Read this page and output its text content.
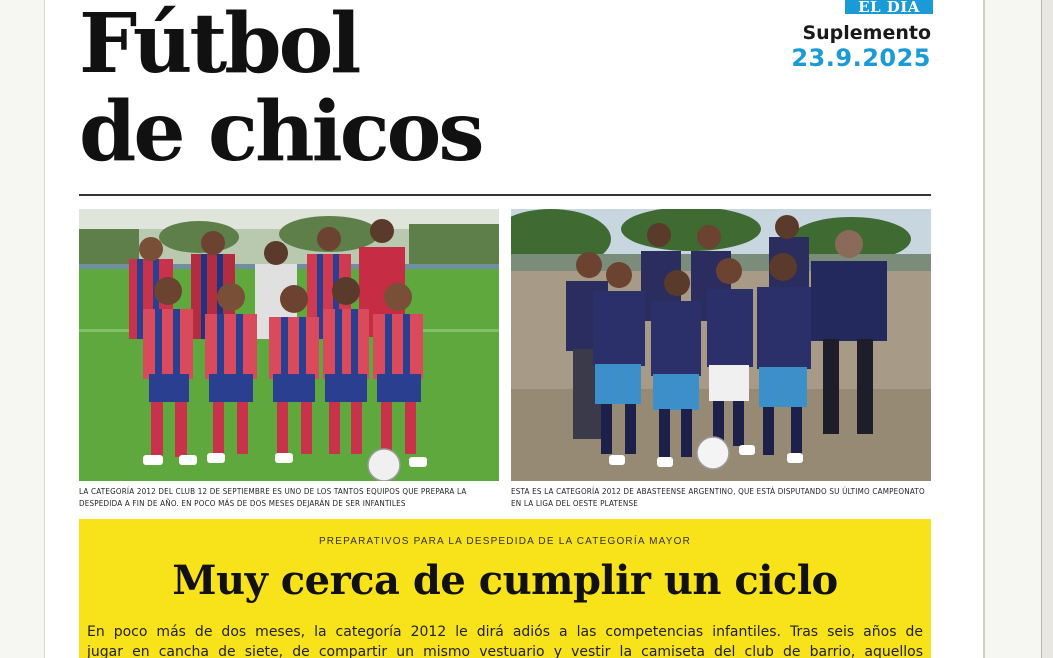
EL DIA
Suplemento
23.9.2025
Fútbol
de chicos
LA CATEGORÍA 2012 DEL CLUB 12 DE SEPTIEMBRE ES UNO DE LOS TANTOS EQUIPOS QUE PREPARA LA DESPEDIDA A FIN DE AÑO. EN POCO MÁS DE DOS MESES DEJARÁN DE SER INFANTILES
ESTA ES LA CATEGORÍA 2012 DE ABASTEENSE ARGENTINO, QUE ESTÁ DISPUTANDO SU ÚLTIMO CAMPEONATO EN LA LIGA DEL OESTE PLATENSE
PREPARATIVOS PARA LA DESPEDIDA DE LA CATEGORÍA MAYOR
Muy cerca de cumplir un ciclo
En poco más de dos meses, la categoría 2012 le dirá adiós a las competencias infantiles. Tras seis años de
jugar en cancha de siete, de compartir un mismo vestuario y vestir la camiseta del club de barrio, aquellos
